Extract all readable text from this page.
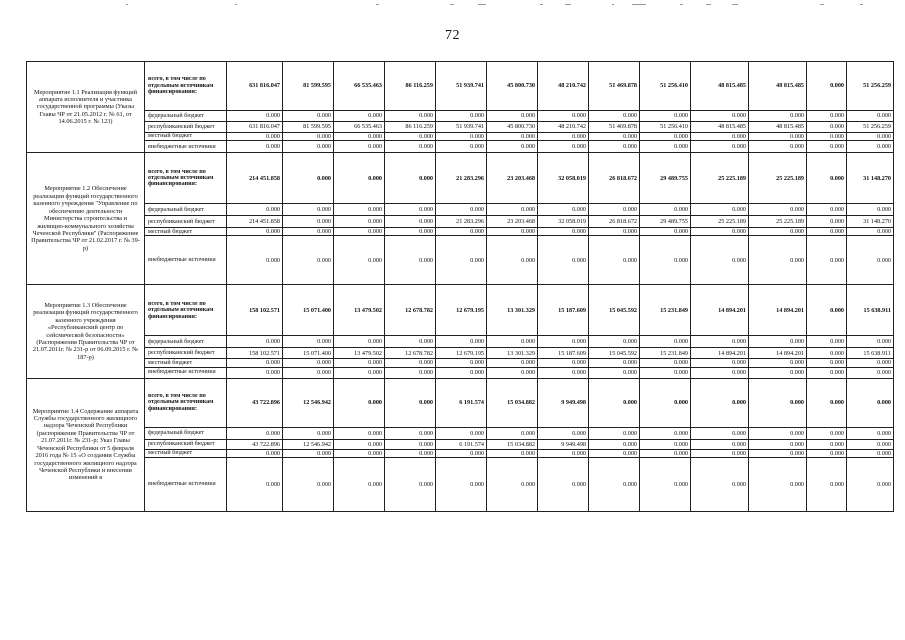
72
Мероприятие 1.1 Реализация функций аппарата исполнителя и участника государственной программы (Указы Главы ЧР от 21.05.2012 г. № 61, от 14.06.2015 г. № 123)	всего, в том числе по отдельным источникам финансирования:	631 816.047	81 599.595	66 535.463	86 116.259	51 939.741	45 800.730	48 210.742	51 469.878	51 256.410	48 815.485	48 815.485	0.000	51 256.259
	федеральный бюджет	0.000	0.000	0.000	0.000	0.000	0.000	0.000	0.000	0.000	0.000	0.000	0.000	0.000
	республиканский бюджет	631 816.047	81 599.595	66 535.463	86 116.259	51 939.741	45 800.730	48 210.742	51 469.878	51 256.410	48 815.485	48 815.485	0.000	51 256.259
	местный бюджет	0.000	0.000	0.000	0.000	0.000	0.000	0.000	0.000	0.000	0.000	0.000	0.000	0.000
	внебюджетные источники	0.000	0.000	0.000	0.000	0.000	0.000	0.000	0.000	0.000	0.000	0.000	0.000	0.000
Мероприятие 1.2 Обеспечение реализации функций государственного казенного учреждения "Управление по обеспечению деятельности Министерства строительства и жилищно-коммунального хозяйства Чеченской Республики" (Распоряжение Правительства ЧР от 21.02.2017 г. № 39-р)	всего, в том числе по отдельным источникам финансирования:	214 451.858	0.000	0.000	0.000	21 283.296	23 203.468	32 058.019	26 818.672	29 489.755	25 225.189	25 225.189	0.000	31 148.270
	федеральный бюджет	0.000	0.000	0.000	0.000	0.000	0.000	0.000	0.000	0.000	0.000	0.000	0.000	0.000
	республиканский бюджет	214 451.858	0.000	0.000	0.000	21 283.296	23 203.468	32 058.019	26 818.672	29 489.755	25 225.189	25 225.189	0.000	31 148.270
	местный бюджет	0.000	0.000	0.000	0.000	0.000	0.000	0.000	0.000	0.000	0.000	0.000	0.000	0.000
	внебюджетные источники	0.000	0.000	0.000	0.000	0.000	0.000	0.000	0.000	0.000	0.000	0.000	0.000	0.000
Мероприятие 1.3 Обеспечение реализации функций государственного казенного учреждения «Республиканский центр по сейсмической безопасности» (Распоряжения Правительства ЧР от 21.07.2011г. № 231-р от 06.09.2015 г. № 187-р)	всего, в том числе по отдельным источникам финансирования:	158 102.571	15 071.400	13 479.502	12 678.782	12 679.195	13 301.329	15 187.609	15 045.592	15 231.849	14 894.201	14 894.201	0.000	15 638.911
	федеральный бюджет	0.000	0.000	0.000	0.000	0.000	0.000	0.000	0.000	0.000	0.000	0.000	0.000	0.000
	республиканский бюджет	158 102.571	15 071.400	13 479.502	12 678.782	12 679.195	13 301.329	15 187.609	15 045.592	15 231.849	14 894.201	14 894.201	0.000	15 638.911
	местный бюджет	0.000	0.000	0.000	0.000	0.000	0.000	0.000	0.000	0.000	0.000	0.000	0.000	0.000
	внебюджетные источники	0.000	0.000	0.000	0.000	0.000	0.000	0.000	0.000	0.000	0.000	0.000	0.000	0.000
Мероприятие 1.4 Содержание аппарата Службы государственного жилищного надзора Чеченской Республики (распоряжение Правительства ЧР от 21.07.2011г. № 231-р; Указ Главы Чеченской Республики от 5 февраля 2016 года № 15 «О создании Службы государственного жилищного надзора Чеченской Республики и внесении изменений в	всего, в том числе по отдельным источникам финансирования:	43 722.896	12 546.942	0.000	0.000	6 191.574	15 034.882	9 949.498	0.000	0.000	0.000	0.000	0.000	0.000
	федеральный бюджет	0.000	0.000	0.000	0.000	0.000	0.000	0.000	0.000	0.000	0.000	0.000	0.000	0.000
	республиканский бюджет	43 722.896	12 546.942	0.000	0.000	6 191.574	15 034.882	9 949.498	0.000	0.000	0.000	0.000	0.000	0.000
	местный бюджет	0.000	0.000	0.000	0.000	0.000	0.000	0.000	0.000	0.000	0.000	0.000	0.000	0.000
	внебюджетные источники	0.000	0.000	0.000	0.000	0.000	0.000	0.000	0.000	0.000	0.000	0.000	0.000	0.000
